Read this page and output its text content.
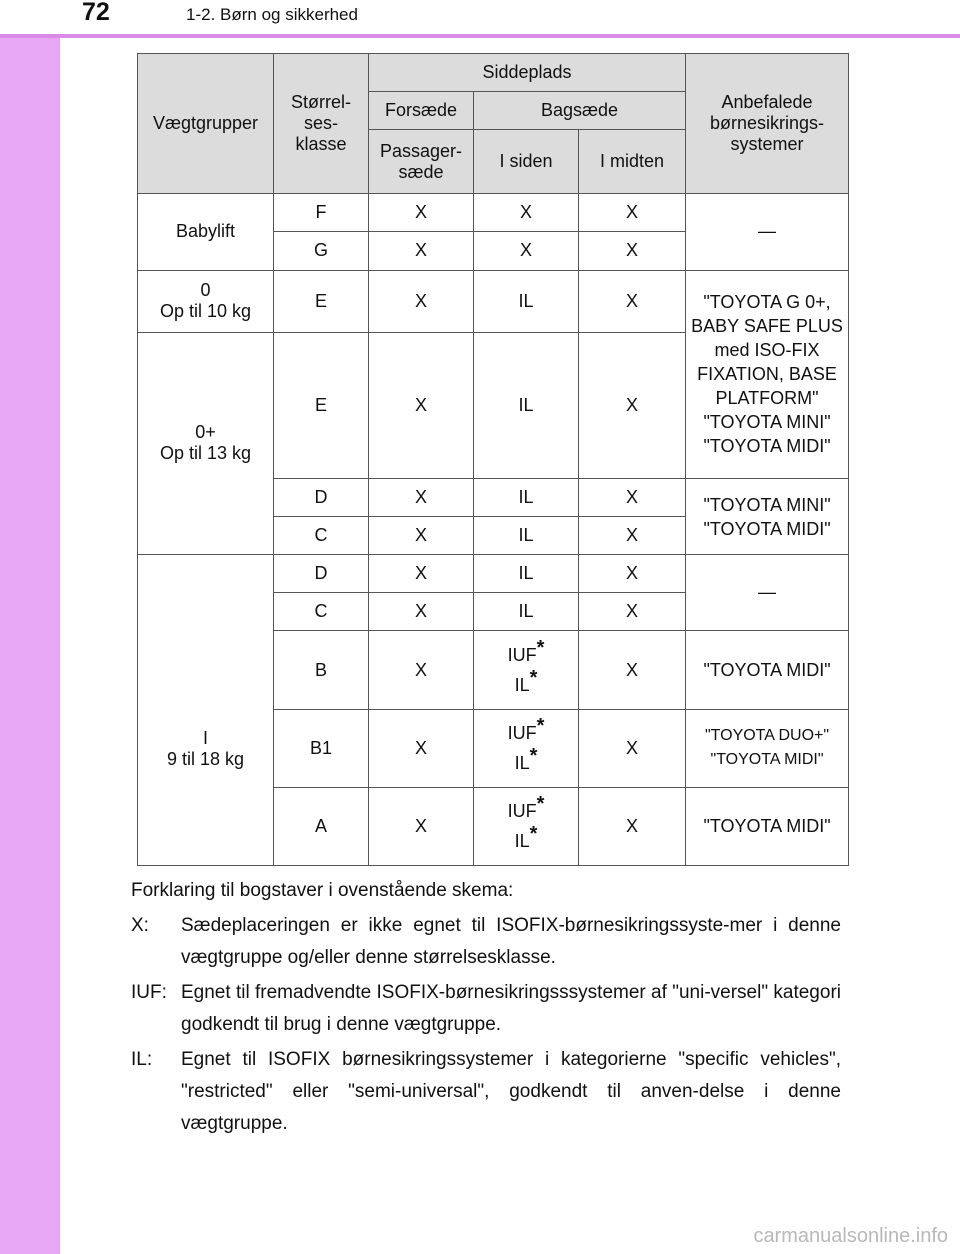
72	1-2. Børn og sikkerhed
Vægtgrupper	Størrel-
ses-
klasse	Siddeplads			Anbefalede
børnesikrings-
systemer
		Forsæde	Bagsæde		
		Passager-
sæde	I siden	I midten	
Babylift	F	X	X	X	—
	G	X	X	X	
0
Op til 10 kg	E	X	IL	X	"TOYOTA G 0+, BABY SAFE PLUS med ISO-FIX FIXATION, BASE PLATFORM" "TOYOTA MINI" "TOYOTA MIDI"
0+
Op til 13 kg	E	X	IL	X	
	D	X	IL	X	"TOYOTA MINI" "TOYOTA MIDI"
	C	X	IL	X	
I
9 til 18 kg	D	X	IL	X	—
	C	X	IL	X	
	B	X	IUF*
IL*	X	"TOYOTA MIDI"
	B1	X	IUF*
IL*	X	"TOYOTA DUO+" "TOYOTA MIDI"
	A	X	IUF*
IL*	X	"TOYOTA MIDI"
Forklaring til bogstaver i ovenstående skema:
X: Sædeplaceringen er ikke egnet til ISOFIX-børnesikringssyste-mer i denne vægtgruppe og/eller denne størrelsesklasse.
IUF: Egnet til fremadvendte ISOFIX-børnesikringsssystemer af "uni-versel" kategori godkendt til brug i denne vægtgruppe.
IL: Egnet til ISOFIX børnesikringssystemer i kategorierne "specific vehicles", "restricted" eller "semi-universal", godkendt til anven-delse i denne vægtgruppe.
carmanualsonline.info
